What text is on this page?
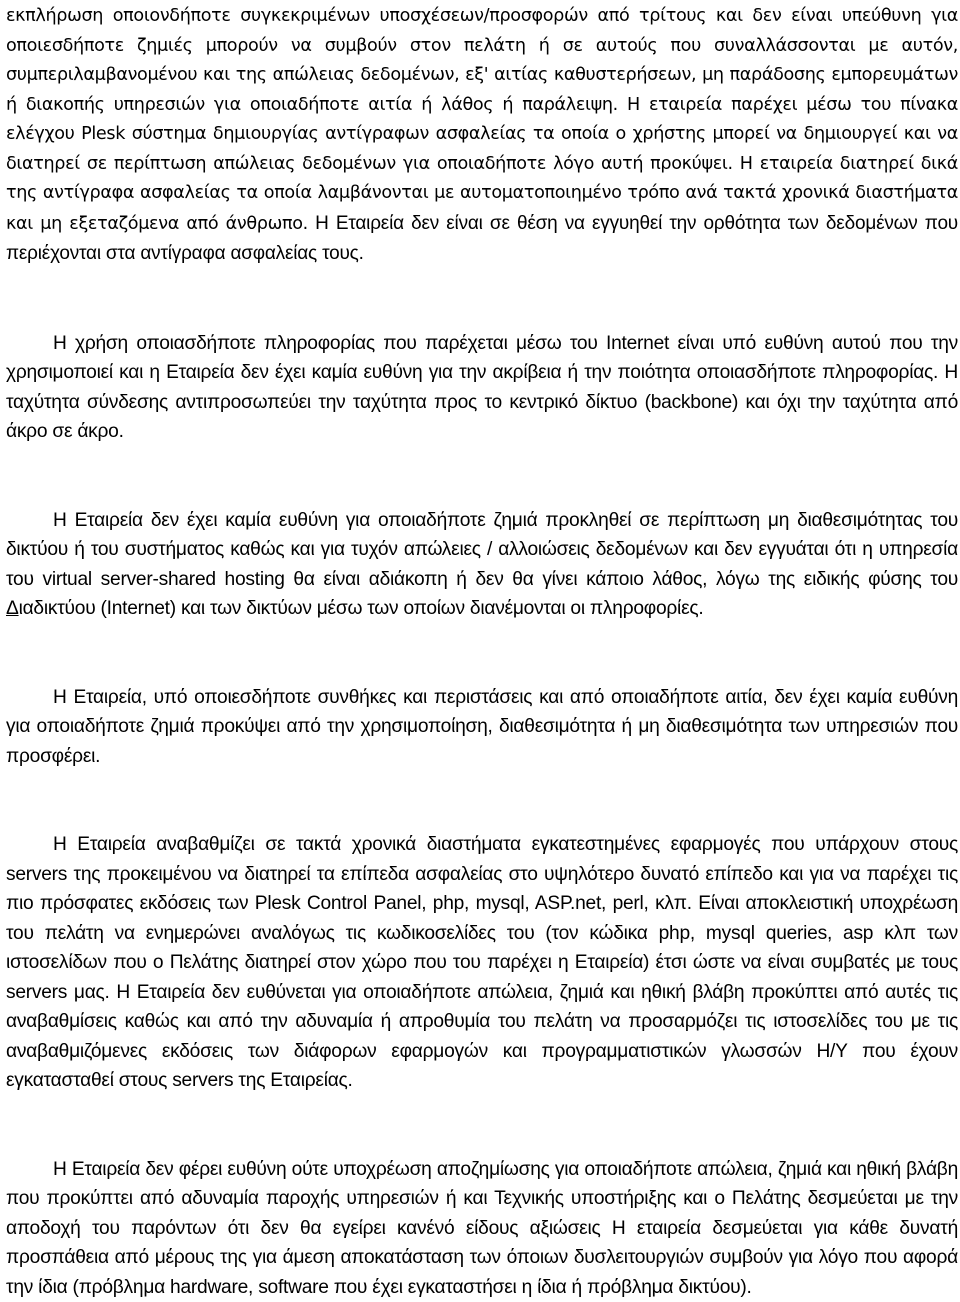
εκπλήρωση οποιονδήποτε συγκεκριμένων υποσχέσεων/προσφορών από τρίτους και δεν είναι υπεύθυνη για οποιεσδήποτε ζημιές μπορούν να συμβούν στον πελάτη ή σε αυτούς που συναλλάσσονται με αυτόν, συμπεριλαμβανομένου και της απώλειας δεδομένων, εξ' αιτίας καθυστερήσεων, μη παράδοσης εμπορευμάτων ή διακοπής υπηρεσιών για οποιαδήποτε αιτία ή λάθος ή παράλειψη. Η εταιρεία παρέχει μέσω του πίνακα ελέγχου Plesk σύστημα δημιουργίας αντίγραφων ασφαλείας τα οποία ο χρήστης μπορεί να δημιουργεί και να διατηρεί σε περίπτωση απώλειας δεδομένων για οποιαδήποτε λόγο αυτή προκύψει. Η εταιρεία διατηρεί δικά της αντίγραφα ασφαλείας τα οποία λαμβάνονται με αυτοματοποιημένο τρόπο ανά τακτά χρονικά διαστήματα και μη εξεταζόμενα από άνθρωπο. Η Εταιρεία δεν είναι σε θέση να εγγυηθεί την ορθότητα των δεδομένων που περιέχονται στα αντίγραφα ασφαλείας τους.

Η χρήση οποιασδήποτε πληροφορίας που παρέχεται μέσω του Internet είναι υπό ευθύνη αυτού που την χρησιμοποιεί και η Εταιρεία δεν έχει καμία ευθύνη για την ακρίβεια ή την ποιότητα οποιασδήποτε πληροφορίας. Η ταχύτητα σύνδεσης αντιπροσωπεύει την ταχύτητα προς το κεντρικό δίκτυο (backbone) και όχι την ταχύτητα από άκρο σε άκρο.

Η Εταιρεία δεν έχει καμία ευθύνη για οποιαδήποτε ζημιά προκληθεί σε περίπτωση μη διαθεσιμότητας του δικτύου ή του συστήματος καθώς και για τυχόν απώλειες / αλλοιώσεις δεδομένων και δεν εγγυάται ότι η υπηρεσία του virtual server-shared hosting θα είναι αδιάκοπη ή δεν θα γίνει κάποιο λάθος, λόγω της ειδικής φύσης του Διαδικτύου (Internet) και των δικτύων μέσω των οποίων διανέμονται οι πληροφορίες.

Η Εταιρεία, υπό οποιεσδήποτε συνθήκες και περιστάσεις και από οποιαδήποτε αιτία, δεν έχει καμία ευθύνη για οποιαδήποτε ζημιά προκύψει από την χρησιμοποίηση, διαθεσιμότητα ή μη διαθεσιμότητα των υπηρεσιών που προσφέρει.

Η Εταιρεία αναβαθμίζει σε τακτά χρονικά διαστήματα εγκατεστημένες εφαρμογές που υπάρχουν στους servers της προκειμένου να διατηρεί τα επίπεδα ασφαλείας στο υψηλότερο δυνατό επίπεδο και για να παρέχει τις πιο πρόσφατες εκδόσεις των Plesk Control Panel, php, mysql, ASP.net, perl, κλπ. Είναι αποκλειστική υποχρέωση του πελάτη να ενημερώνει αναλόγως τις κωδικοσελίδες του (τον κώδικα php, mysql queries, asp κλπ των ιστοσελίδων που ο Πελάτης διατηρεί στον χώρο που του παρέχει η Εταιρεία) έτσι ώστε να είναι συμβατές με τους servers μας. Η Εταιρεία δεν ευθύνεται για οποιαδήποτε απώλεια, ζημιά και ηθική βλάβη προκύπτει από αυτές τις αναβαθμίσεις καθώς και από την αδυναμία ή απροθυμία του πελάτη να προσαρμόζει τις ιστοσελίδες του με τις αναβαθμιζόμενες εκδόσεις των διάφορων εφαρμογών και προγραμματιστικών γλωσσών Η/Υ που έχουν εγκατασταθεί στους servers της Εταιρείας.

Η Εταιρεία δεν φέρει ευθύνη ούτε υποχρέωση αποζημίωσης για οποιαδήποτε απώλεια, ζημιά και ηθική βλάβη που προκύπτει από αδυναμία παροχής υπηρεσιών ή και Τεχνικής υποστήριξης και ο Πελάτης δεσμεύεται με την αποδοχή του παρόντων ότι δεν θα εγείρει κανένό είδους αξιώσεις Η εταιρεία δεσμεύεται για κάθε δυνατή προσπάθεια από μέρους της για άμεση αποκατάσταση των όποιων δυσλειτουργιών συμβούν για λόγο που αφορά την ίδια (πρόβλημα hardware, software που έχει εγκαταστήσει η ίδια ή πρόβλημα δικτύου).
